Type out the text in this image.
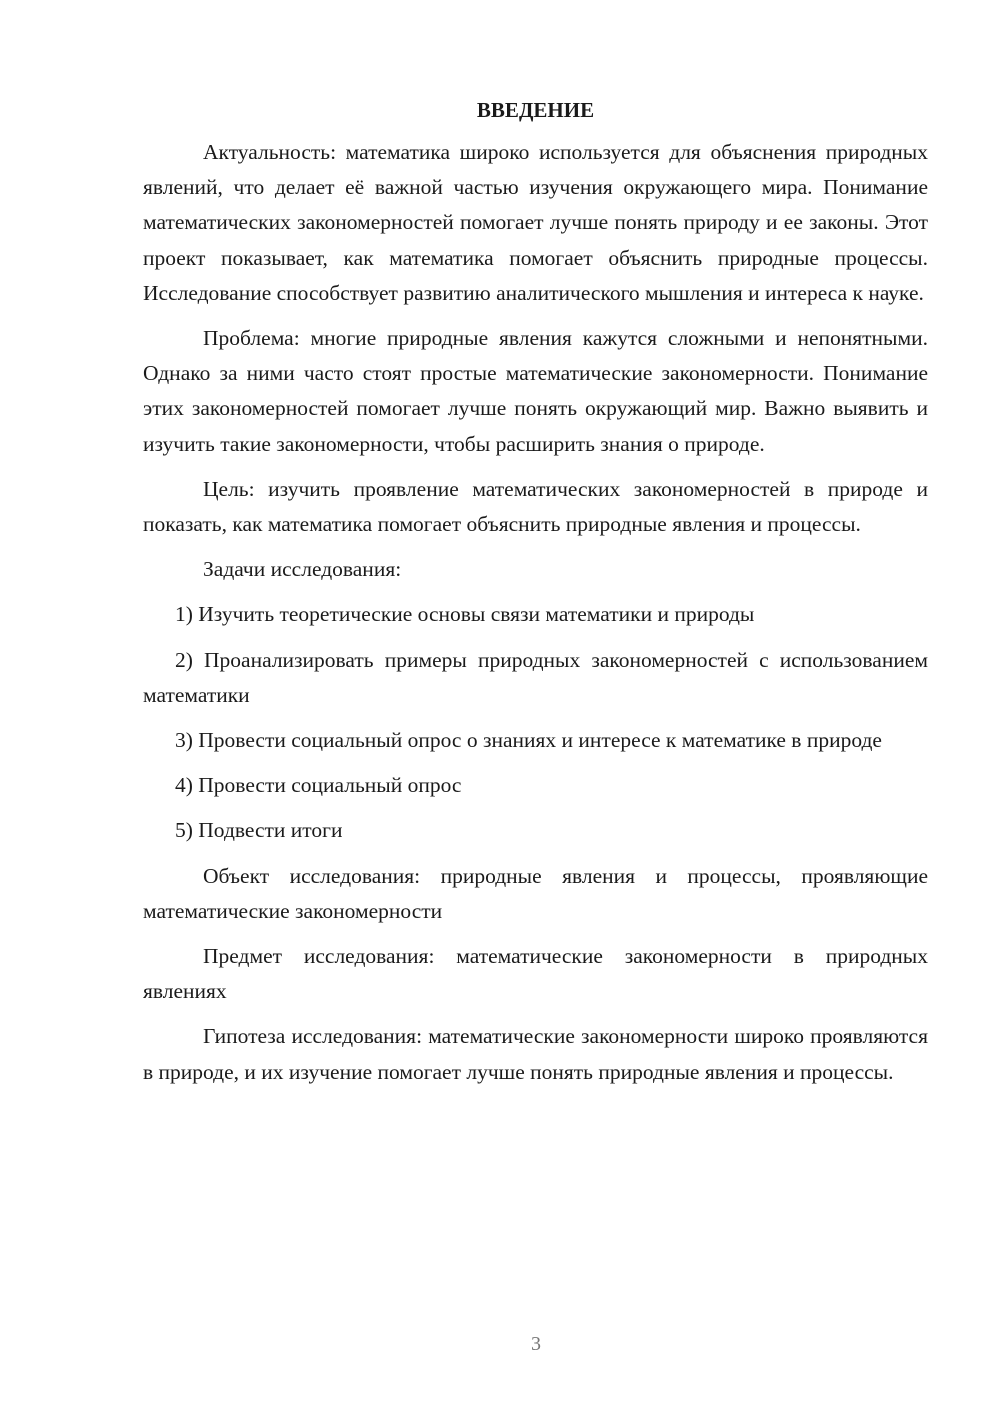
ВВЕДЕНИЕ

Актуальность: математика широко используется для объяснения природных явлений, что делает её важной частью изучения окружающего мира. Понимание математических закономерностей помогает лучше понять природу и ее законы. Этот проект показывает, как математика помогает объяснить природные процессы. Исследование способствует развитию аналитического мышления и интереса к науке.

Проблема: многие природные явления кажутся сложными и непонятными. Однако за ними часто стоят простые математические закономерности. Понимание этих закономерностей помогает лучше понять окружающий мир. Важно выявить и изучить такие закономерности, чтобы расширить знания о природе.

Цель: изучить проявление математических закономерностей в природе и показать, как математика помогает объяснить природные явления и процессы.

Задачи исследования:

1) Изучить теоретические основы связи математики и природы

2) Проанализировать примеры природных закономерностей с использованием математики

3) Провести социальный опрос о знаниях и интересе к математике в природе

4) Провести социальный опрос

5) Подвести итоги

Объект исследования: природные явления и процессы, проявляющие математические закономерности

Предмет исследования: математические закономерности в природных явлениях

Гипотеза исследования: математические закономерности широко проявляются в природе, и их изучение помогает лучше понять природные явления и процессы.

3
